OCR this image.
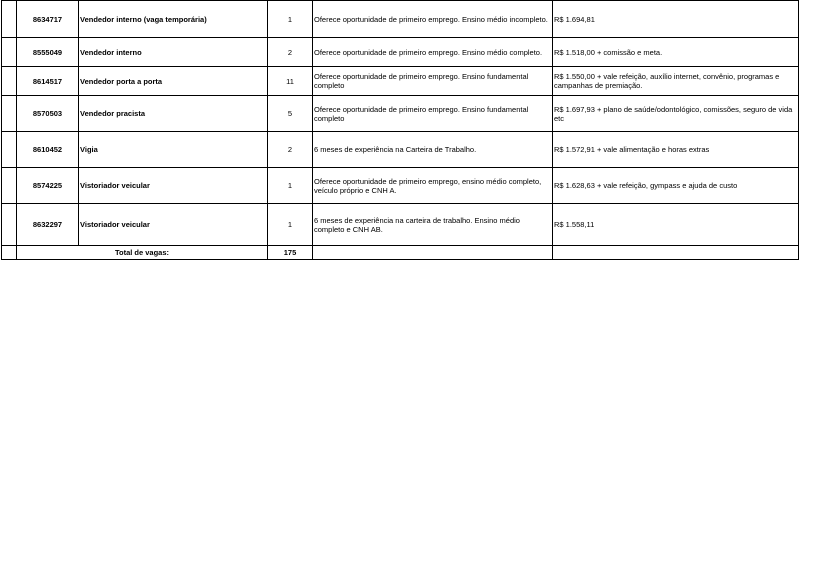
	8634717	Vendedor interno (vaga temporária)	1	Oferece oportunidade de primeiro emprego. Ensino médio incompleto.	R$ 1.694,81
	8555049	Vendedor interno	2	Oferece oportunidade de primeiro emprego. Ensino médio completo.	R$ 1.518,00 + comissão e meta.
	8614517	Vendedor porta a porta	11	Oferece oportunidade de primeiro emprego. Ensino fundamental completo	R$ 1.550,00 + vale refeição, auxílio internet, convênio, programas e campanhas de premiação.
	8570503	Vendedor pracista	5	Oferece oportunidade de primeiro emprego. Ensino fundamental completo	R$ 1.697,93 + plano de saúde/odontológico, comissões, seguro de vida etc
	8610452	Vigia	2	6 meses de experiência na Carteira de Trabalho.	R$ 1.572,91 + vale alimentação e horas extras
	8574225	Vistoriador veicular	1	Oferece oportunidade de primeiro emprego, ensino médio completo, veículo próprio e CNH A.	R$ 1.628,63 + vale refeição, gympass e ajuda de custo
	8632297	Vistoriador veicular	1	6 meses de experiência na carteira de trabalho. Ensino médio completo e CNH AB.	R$ 1.558,11
	Total de vagas:		175		
